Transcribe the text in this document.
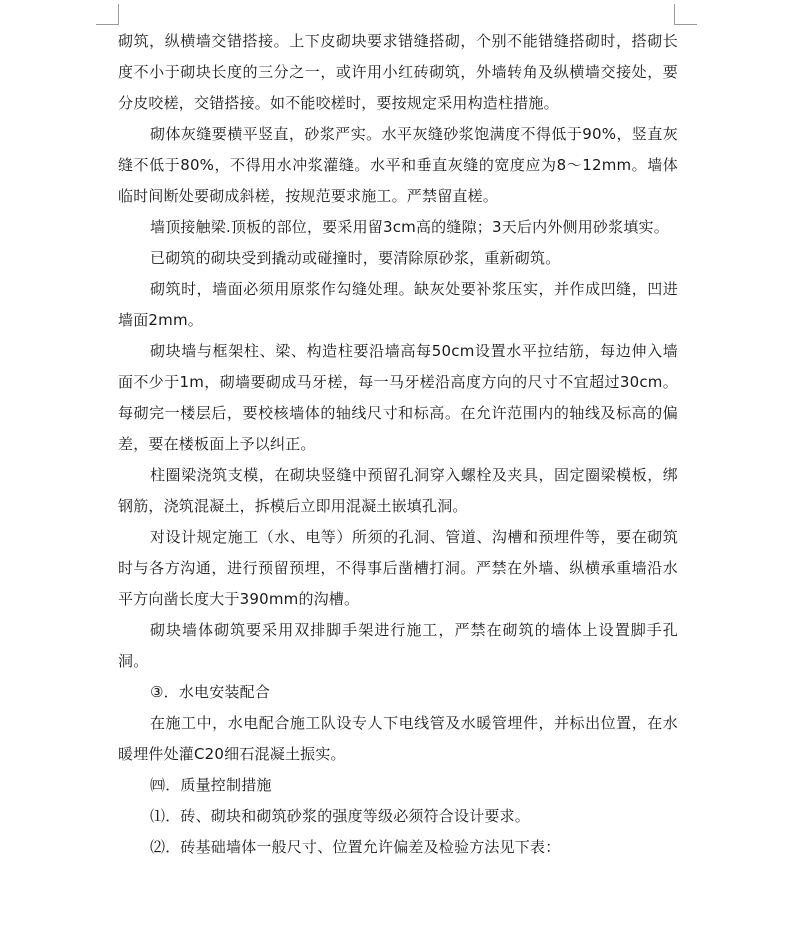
砌筑，纵横墙交错搭接。上下皮砌块要求错缝搭砌，个别不能错缝搭砌时，搭砌长度不小于砌块长度的三分之一，或许用小红砖砌筑，外墙转角及纵横墙交接处，要分皮咬槎，交错搭接。如不能咬槎时，要按规定采用构造柱措施。

砌体灰缝要横平竖直，砂浆严实。水平灰缝砂浆饱满度不得低于90%，竖直灰缝不低于80%，不得用水冲浆灌缝。水平和垂直灰缝的宽度应为8～12mm。墙体临时间断处要砌成斜槎，按规范要求施工。严禁留直槎。

墙顶接触梁.顶板的部位，要采用留3cm高的缝隙；3天后内外侧用砂浆填实。

已砌筑的砌块受到撬动或碰撞时，要清除原砂浆，重新砌筑。

砌筑时，墙面必须用原浆作勾缝处理。缺灰处要补浆压实，并作成凹缝，凹进墙面2mm。

砌块墙与框架柱、梁、构造柱要沿墙高每50cm设置水平拉结筋，每边伸入墙面不少于1m，砌墙要砌成马牙槎，每一马牙槎沿高度方向的尺寸不宜超过30cm。每砌完一楼层后，要校核墙体的轴线尺寸和标高。在允许范围内的轴线及标高的偏差，要在楼板面上予以纠正。

柱圈梁浇筑支模，在砌块竖缝中预留孔洞穿入螺栓及夹具，固定圈梁模板，绑钢筋，浇筑混凝土，拆模后立即用混凝土嵌填孔洞。

对设计规定施工（水、电等）所须的孔洞、管道、沟槽和预埋件等，要在砌筑时与各方沟通，进行预留预埋，不得事后凿槽打洞。严禁在外墙、纵横承重墙沿水平方向凿长度大于390mm的沟槽。

砌块墙体砌筑要采用双排脚手架进行施工，严禁在砌筑的墙体上设置脚手孔洞。

③．水电安装配合

在施工中，水电配合施工队设专人下电线管及水暖管埋件，并标出位置，在水暖埋件处灌C20细石混凝土振实。

㈣．质量控制措施

⑴．砖、砌块和砌筑砂浆的强度等级必须符合设计要求。

⑵．砖基础墙体一般尺寸、位置允许偏差及检验方法见下表：
